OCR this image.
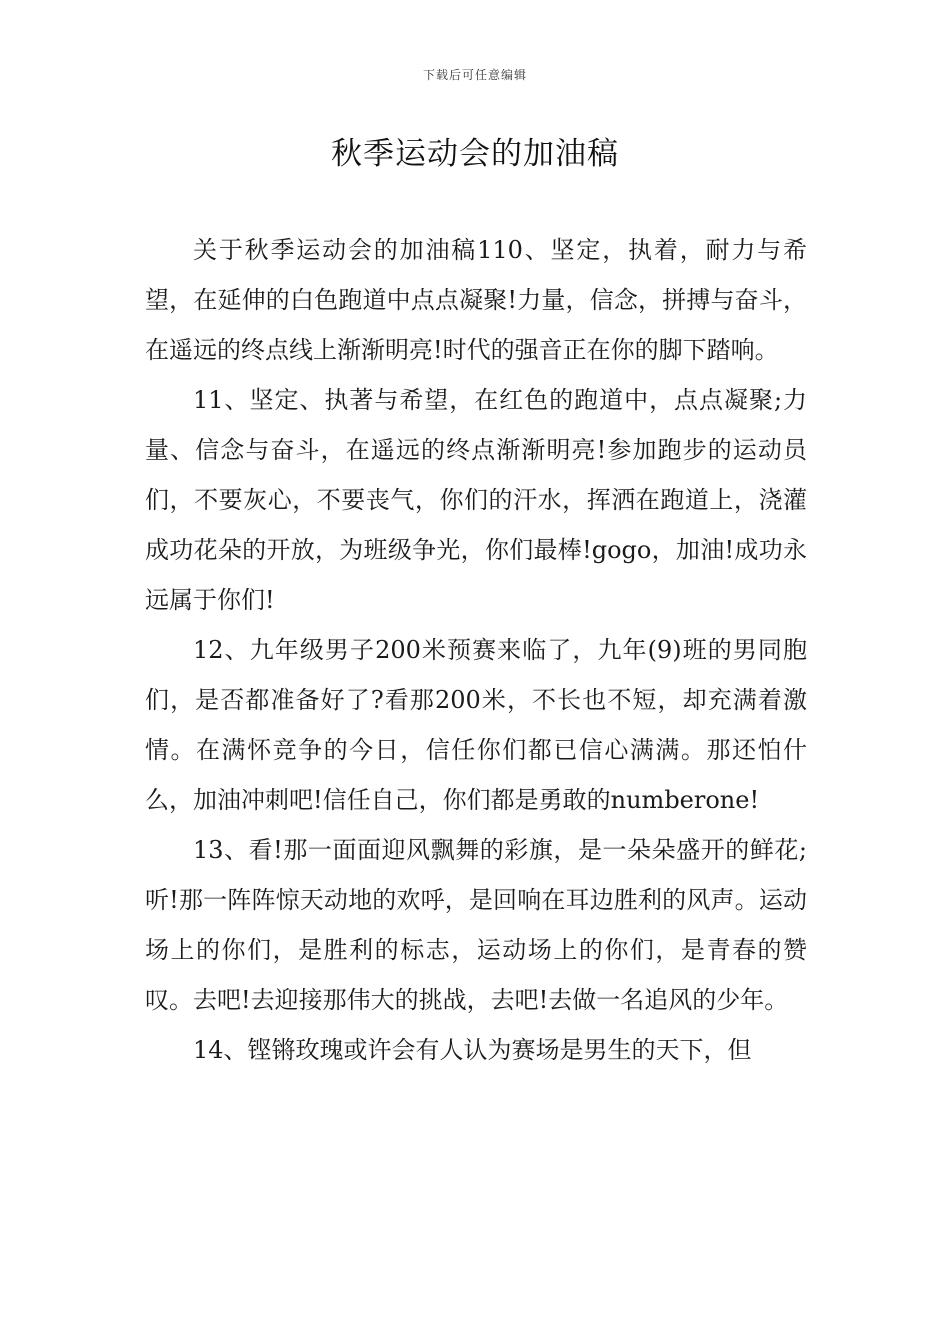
下载后可任意编辑
秋季运动会的加油稿

关于秋季运动会的加油稿110、坚定，执着，耐力与希望，在延伸的白色跑道中点点凝聚!力量，信念，拼搏与奋斗，在遥远的终点线上渐渐明亮!时代的强音正在你的脚下踏响。

11、坚定、执著与希望，在红色的跑道中，点点凝聚;力量、信念与奋斗，在遥远的终点渐渐明亮!参加跑步的运动员们，不要灰心，不要丧气，你们的汗水，挥洒在跑道上，浇灌成功花朵的开放，为班级争光，你们最棒!gogo，加油!成功永远属于你们!

12、九年级男子200米预赛来临了，九年(9)班的男同胞们，是否都准备好了?看那200米，不长也不短，却充满着激情。在满怀竞争的今日，信任你们都已信心满满。那还怕什么，加油冲刺吧!信任自己，你们都是勇敢的numberone!

13、看!那一面面迎风飘舞的彩旗，是一朵朵盛开的鲜花;听!那一阵阵惊天动地的欢呼，是回响在耳边胜利的风声。运动场上的你们，是胜利的标志，运动场上的你们，是青春的赞叹。去吧!去迎接那伟大的挑战，去吧!去做一名追风的少年。

14、铿锵玫瑰或许会有人认为赛场是男生的天下，但
